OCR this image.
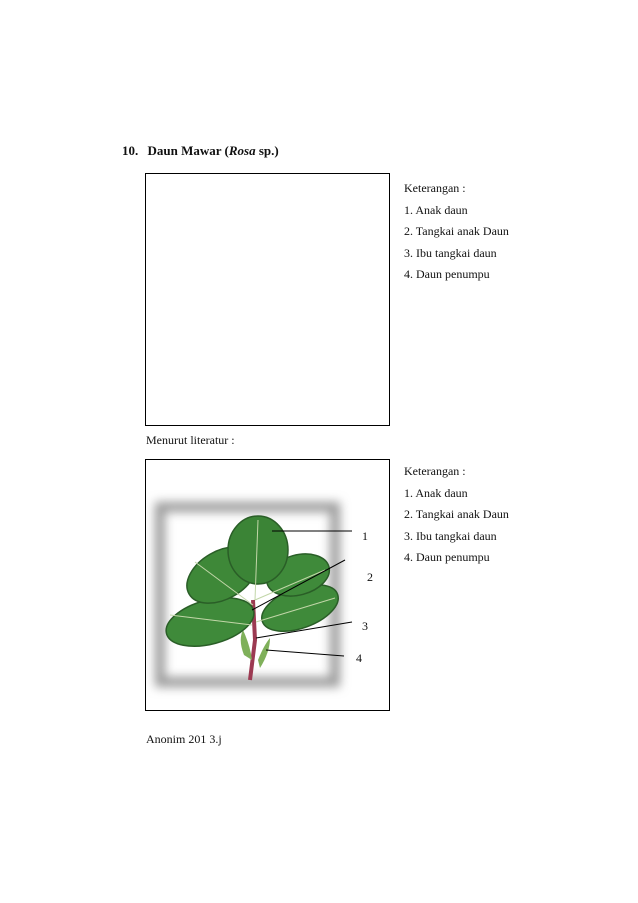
10. Daun Mawar (Rosa sp.)
Keterangan :
1. Anak daun
2. Tangkai anak Daun
3. Ibu tangkai daun
4. Daun penumpu
Menurut literatur :
1
2
3
4
Keterangan :
1. Anak daun
2. Tangkai anak Daun
3. Ibu tangkai daun
4. Daun penumpu
Anonim 201 3.j
